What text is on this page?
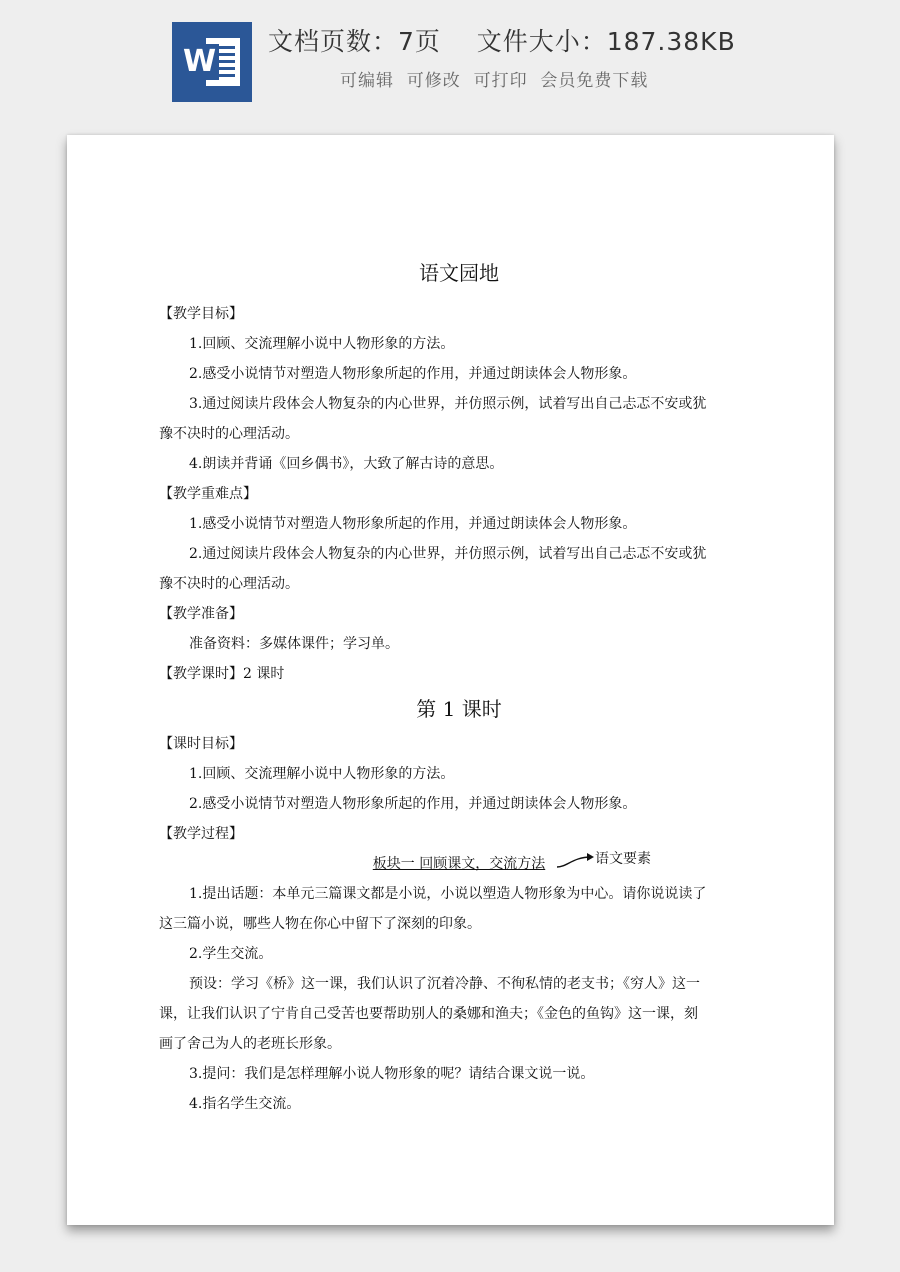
W
文档页数：7页    文件大小：187.38KB
可编辑  可修改  可打印  会员免费下载
语文园地
【教学目标】
1.回顾、交流理解小说中人物形象的方法。
2.感受小说情节对塑造人物形象所起的作用，并通过朗读体会人物形象。
3.通过阅读片段体会人物复杂的内心世界，并仿照示例，试着写出自己忐忑不安或犹
豫不决时的心理活动。
4.朗读并背诵《回乡偶书》，大致了解古诗的意思。
【教学重难点】
1.感受小说情节对塑造人物形象所起的作用，并通过朗读体会人物形象。
2.通过阅读片段体会人物复杂的内心世界，并仿照示例，试着写出自己忐忑不安或犹
豫不决时的心理活动。
【教学准备】
准备资料：多媒体课件；学习单。
【教学课时】2 课时
第 1 课时
【课时目标】
1.回顾、交流理解小说中人物形象的方法。
2.感受小说情节对塑造人物形象所起的作用，并通过朗读体会人物形象。
【教学过程】
板块一 回顾课文，交流方法	语文要素
1.提出话题：本单元三篇课文都是小说，小说以塑造人物形象为中心。请你说说读了
这三篇小说，哪些人物在你心中留下了深刻的印象。
2.学生交流。
预设：学习《桥》这一课，我们认识了沉着冷静、不徇私情的老支书；《穷人》这一
课，让我们认识了宁肯自己受苦也要帮助别人的桑娜和渔夫；《金色的鱼钩》这一课，刻
画了舍己为人的老班长形象。
3.提问：我们是怎样理解小说人物形象的呢？请结合课文说一说。
4.指名学生交流。
